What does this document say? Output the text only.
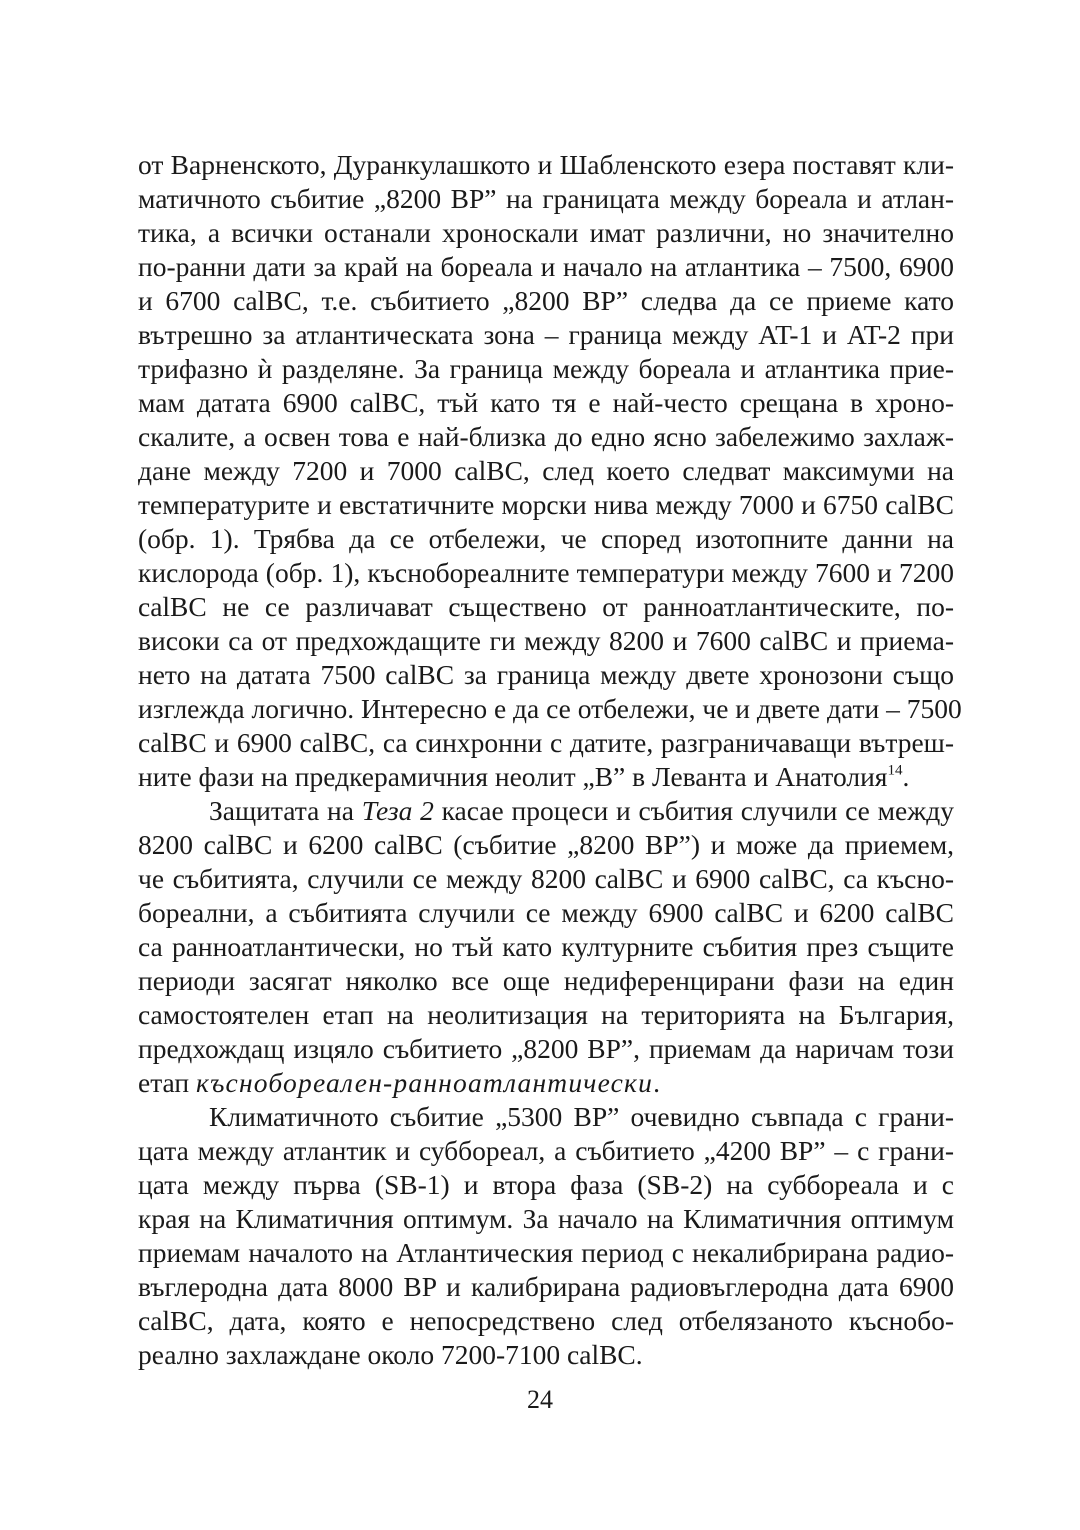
от Варненското, Дуранкулашкото и Шабленското езера поставят кли-
матичното събитие „8200 BP” на границата между бореала и атлан-
тика, а всички останали хроноскали имат различни, но значително
по-ранни дати за край на бореала и начало на атлантика – 7500, 6900
и 6700 calBC, т.е. събитието „8200 BP” следва да се приеме като
вътрешно за атлантическата зона – граница между AT-1 и AT-2 при
трифазно ѝ разделяне. За граница между бореала и атлантика прие-
мам датата 6900 calBC, тъй като тя е най-често срещана в хроно-
скалите, а освен това е най-близка до едно ясно забележимо захлаж-
дане между 7200 и 7000 calBC, след което следват максимуми на
температурите и евстатичните морски нива между 7000 и 6750 calBC
(обр. 1). Трябва да се отбележи, че според изотопните данни на
кислорода (обр. 1), къснобореалните температури между 7600 и 7200
calBC не се различават съществено от ранноатлантическите, по-
високи са от предхождащите ги между 8200 и 7600 calBC и приема-
нето на датата 7500 calBC за граница между двете хронозони също
изглежда логично. Интересно е да се отбележи, че и двете дати – 7500
calBC и 6900 calBC, са синхронни с датите, разграничаващи вътреш-
ните фази на предкерамичния неолит „B” в Леванта и Анатолия$^{14}$.
Защитата на Теза 2 касае процеси и събития случили се между
8200 calBC и 6200 calBC (събитие „8200 BP”) и може да приемем,
че събитията, случили се между 8200 calBC и 6900 calBC, са късно-
бореални, а събитията случили се между 6900 calBC и 6200 calBC
са ранноатлантически, но тъй като културните събития през същите
периоди засягат няколко все още недиференцирани фази на един
самостоятелен етап на неолитизация на територията на България,
предхождащ изцяло събитието „8200 BP”, приемам да наричам този
етап къснобореален-ранноатлантически.
Климатичното събитие „5300 BP” очевидно съвпада с грани-
цата между атлантик и суббореал, а събитието „4200 BP” – с грани-
цата между първа (SB-1) и втора фаза (SB-2) на суббореала и с
края на Климатичния оптимум. За начало на Климатичния оптимум
приемам началото на Атлантическия период с некалибрирана радио-
въглеродна дата 8000 BP и калибрирана радиовъглеродна дата 6900
calBC, дата, която е непосредствено след отбелязаното къснобо-
реално захлаждане около 7200-7100 calBC.
24
